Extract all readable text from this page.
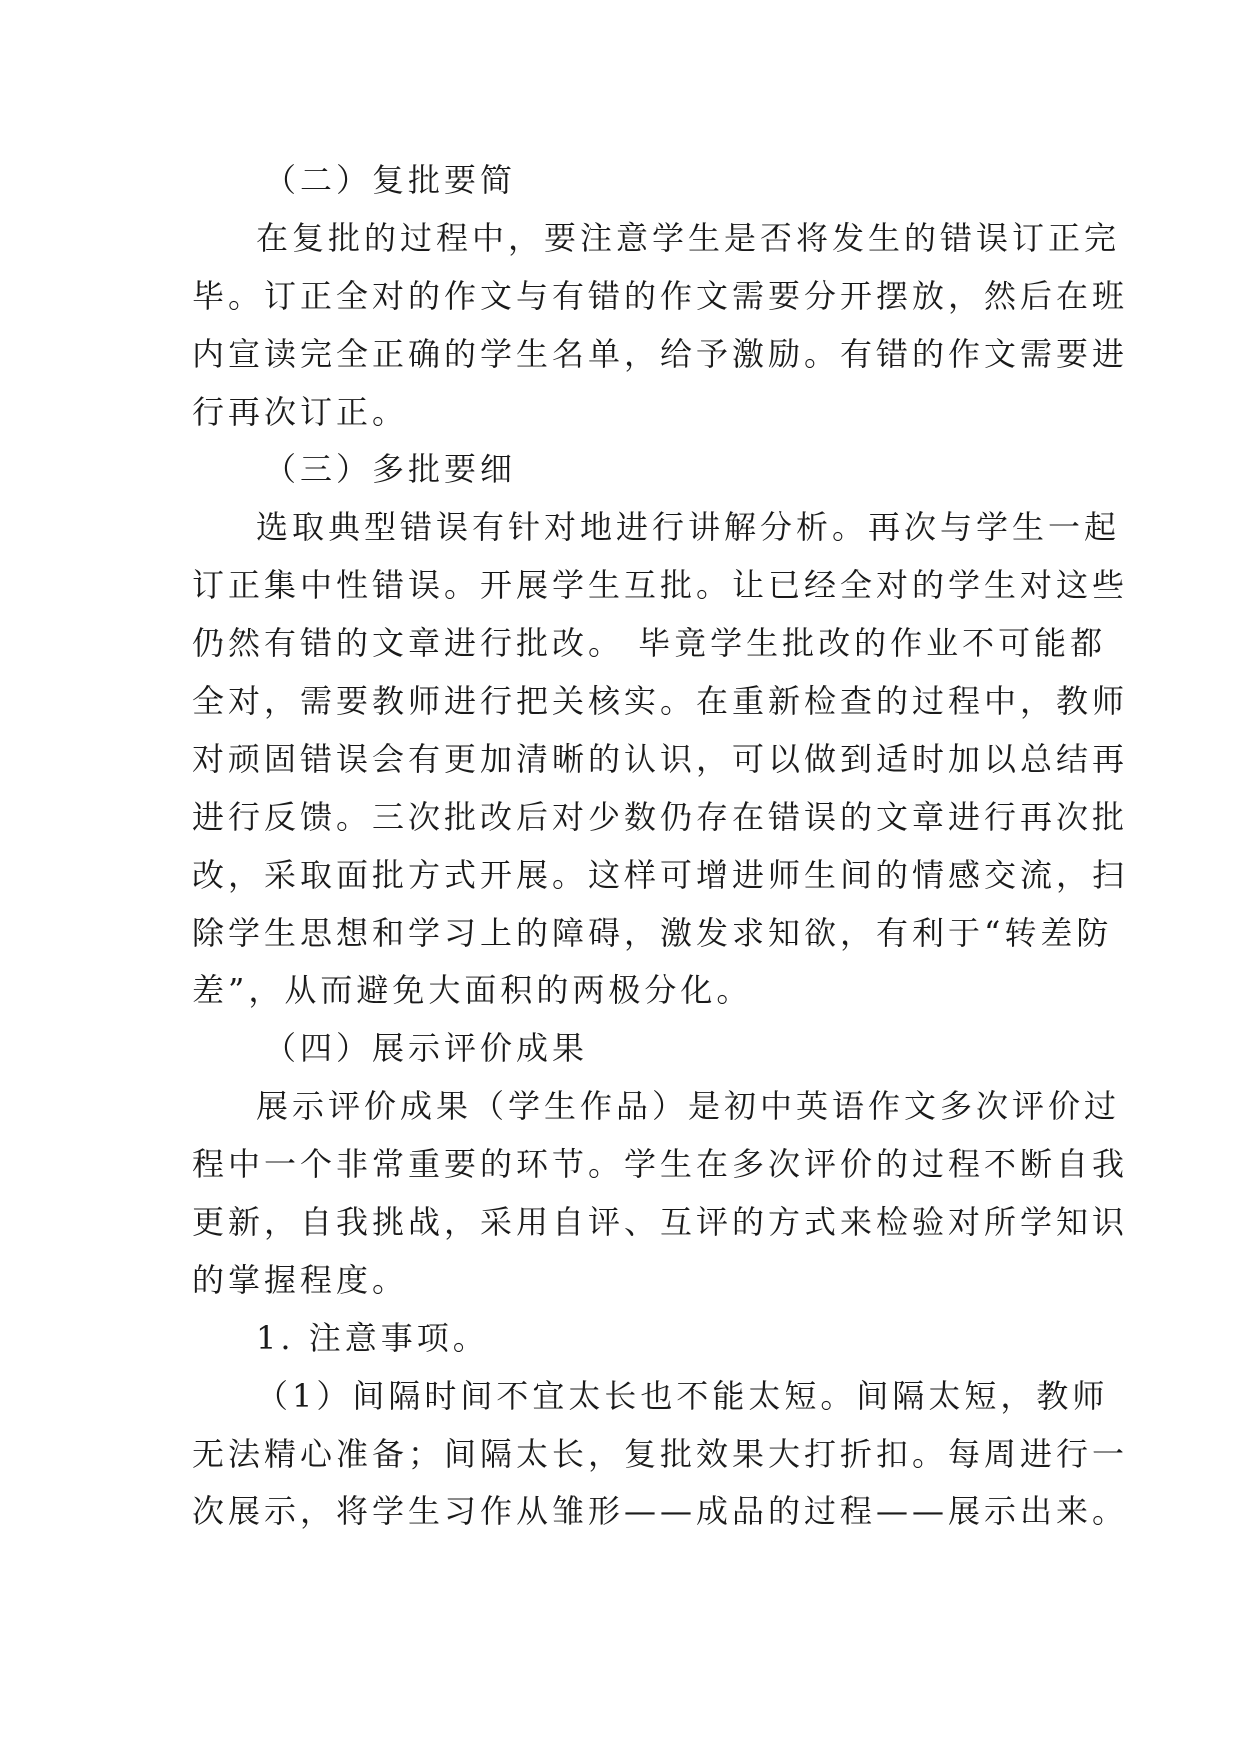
（二）复批要简
在复批的过程中，要注意学生是否将发生的错误订正完
毕。订正全对的作文与有错的作文需要分开摆放，然后在班
内宣读完全正确的学生名单，给予激励。有错的作文需要进
行再次订正。
（三）多批要细
选取典型错误有针对地进行讲解分析。再次与学生一起
订正集中性错误。开展学生互批。让已经全对的学生对这些
仍然有错的文章进行批改。 毕竟学生批改的作业不可能都
全对，需要教师进行把关核实。在重新检查的过程中，教师
对顽固错误会有更加清晰的认识，可以做到适时加以总结再
进行反馈。三次批改后对少数仍存在错误的文章进行再次批
改，采取面批方式开展。这样可增进师生间的情感交流，扫
除学生思想和学习上的障碍，激发求知欲，有利于“转差防
差”，从而避免大面积的两极分化。
（四）展示评价成果
展示评价成果（学生作品）是初中英语作文多次评价过
程中一个非常重要的环节。学生在多次评价的过程不断自我
更新，自我挑战，采用自评、互评的方式来检验对所学知识
的掌握程度。
1. 注意事项。
（1）间隔时间不宜太长也不能太短。间隔太短，教师
无法精心准备；间隔太长，复批效果大打折扣。每周进行一
次展示，将学生习作从雏形——成品的过程——展示出来。
